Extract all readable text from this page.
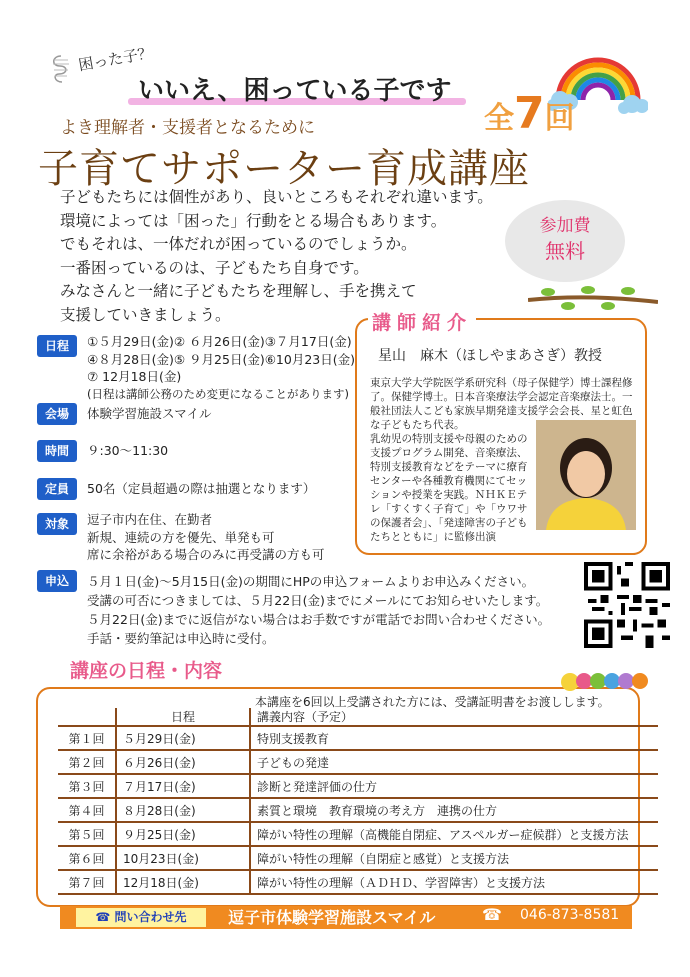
困った子？
いいえ、困っている子です
全7回
よき理解者・支援者となるために
子育てサポーター育成講座
子どもたちには個性があり、良いところもそれぞれ違います。
環境によっては「困った」行動をとる場合もあります。
でもそれは、一体だれが困っているのでしょうか。
一番困っているのは、子どもたち自身です。
みなさんと一緒に子どもたちを理解し、手を携えて
支援していきましょう。
参加費
無料
日程	①５月29日(金)② ６月26日(金)③７月17日(金)
④８月28日(金)⑤ ９月25日(金)⑥10月23日(金)
⑦ 12月18日(金)
(日程は講師公務のため変更になることがあります)
会場	体験学習施設スマイル
時間	９:30～11:30
定員	50名（定員超過の際は抽選となります）
対象	逗子市内在住、在勤者
新規、連続の方を優先、単発も可
席に余裕がある場合のみに再受講の方も可
申込	５月１日(金)～5月15日(金)の期間にHPの申込フォームよりお申込みください。
受講の可否につきましては、５月22日(金)までにメールにてお知らせいたします。
５月22日(金)までに返信がない場合はお手数ですが電話でお問い合わせください。
手話・要約筆記は申込時に受付。
講師紹介
星山　麻木（ほしやまあさぎ）教授
東京大学大学院医学系研究科（母子保健学）博士課程修了。保健学博士。日本音楽療法学会認定音楽療法士。一般社団法人こども家族早期発達支援学会会長、星と虹色な子どもたち代表。
乳幼児の特別支援や母親のための支援プログラム開発、音楽療法、特別支援教育などをテーマに療育センターや各種教育機関にてセッションや授業を実践。ＮＨＫＥテレ「すくすく子育て」や「ウワサの保護者会」、「発達障害の子どもたちとともに」に監修出演
講座の日程・内容
本講座を6回以上受講された方には、受講証明書をお渡しします。
	日程	講義内容（予定）
第１回	５月29日(金)	特別支援教育
第２回	６月26日(金)	子どもの発達
第３回	７月17日(金)	診断と発達評価の仕方
第４回	８月28日(金)	素質と環境　教育環境の考え方　連携の仕方
第５回	９月25日(金)	障がい特性の理解（高機能自閉症、アスペルガー症候群）と支援方法
第６回	10月23日(金)	障がい特性の理解（自閉症と感覚）と支援方法
第７回	12月18日(金)	障がい特性の理解（ＡＤＨＤ、学習障害）と支援方法
☎ 問い合わせ先	逗子市体験学習施設スマイル	☎ 046-873-8581
